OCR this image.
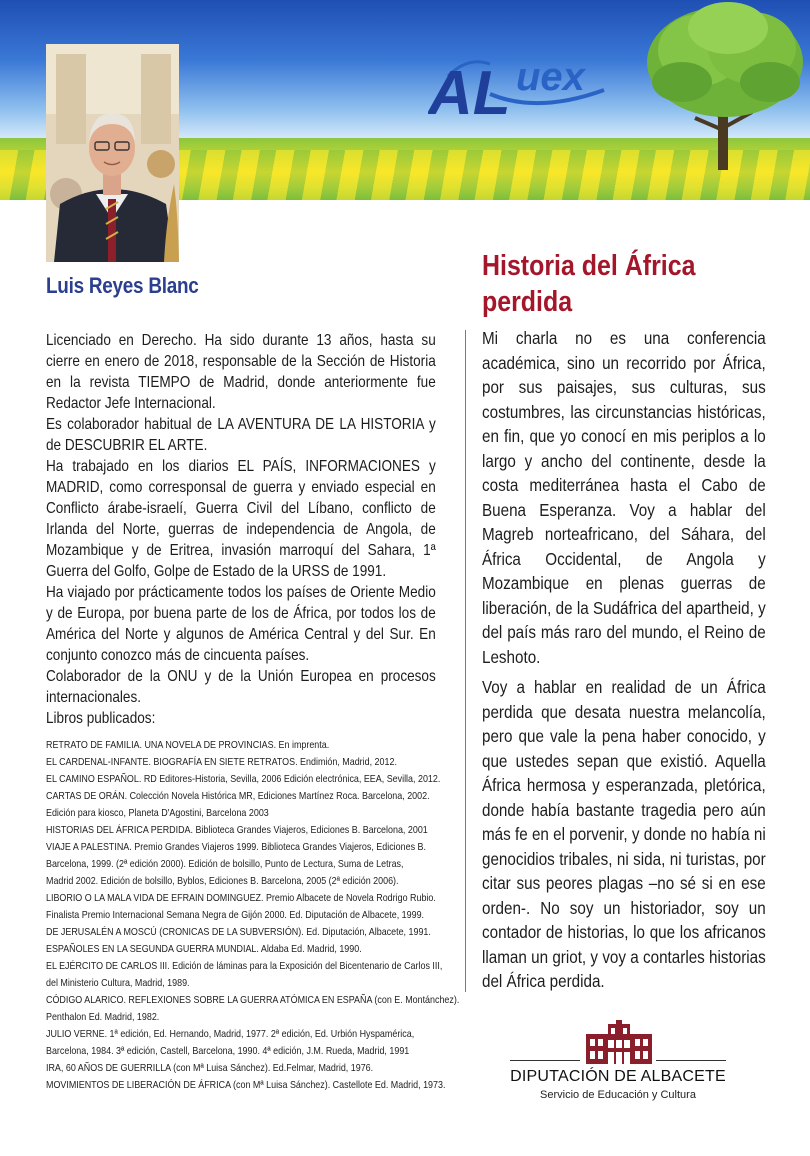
AL uex
Luis Reyes Blanc
Historia del África perdida

Licenciado en Derecho. Ha sido durante 13 años, hasta su cierre en enero de 2018, responsable de la Sección de Historia en la revista TIEMPO de Madrid, donde anteriormente fue Redactor Jefe Internacional.

Es colaborador habitual de LA AVENTURA DE LA HISTORIA y de DESCUBRIR EL ARTE.

Ha trabajado en los diarios EL PAÍS, INFORMACIONES y MADRID, como corresponsal de guerra y enviado especial en Conflicto árabe-israelí, Guerra Civil del Líbano, conflicto de Irlanda del Norte, guerras de independencia de Angola, de Mozambique y de Eritrea, invasión marroquí del Sahara, 1ª Guerra del Golfo, Golpe de Estado de la URSS de 1991.

Ha viajado por prácticamente todos los países de Oriente Medio y de Europa, por buena parte de los de África, por todos los de América del Norte y algunos de América Central y del Sur. En conjunto conozco más de cincuenta países.

Colaborador de la ONU y de la Unión Europea en procesos internacionales.

Libros publicados:

RETRATO DE FAMILIA. UNA NOVELA DE PROVINCIAS. En imprenta.

EL CARDENAL-INFANTE. BIOGRAFÍA EN SIETE RETRATOS. Endimión, Madrid, 2012.

EL CAMINO ESPAÑOL. RD Editores-Historia, Sevilla, 2006 Edición electrónica, EEA, Sevilla, 2012.

CARTAS DE ORÁN. Colección Novela Histórica MR, Ediciones Martínez Roca. Barcelona, 2002.

Edición para kiosco, Planeta D'Agostini, Barcelona 2003

HISTORIAS DEL ÁFRICA PERDIDA. Biblioteca Grandes Viajeros, Ediciones B. Barcelona, 2001

VIAJE A PALESTINA. Premio Grandes Viajeros 1999. Biblioteca Grandes Viajeros, Ediciones B.

Barcelona, 1999. (2ª edición 2000). Edición de bolsillo, Punto de Lectura, Suma de Letras,

Madrid 2002. Edición de bolsillo, Byblos, Ediciones B. Barcelona, 2005 (2ª edición 2006).

LIBORIO O LA MALA VIDA DE EFRAIN DOMINGUEZ. Premio Albacete de Novela Rodrigo Rubio.

Finalista Premio Internacional Semana Negra de Gijón 2000. Ed. Diputación de Albacete, 1999.

DE JERUSALÉN A MOSCÚ (CRONICAS DE LA SUBVERSIÓN). Ed. Diputación, Albacete, 1991.

ESPAÑOLES EN LA SEGUNDA GUERRA MUNDIAL. Aldaba Ed. Madrid, 1990.

EL EJÉRCITO DE CARLOS III. Edición de láminas para la Exposición del Bicentenario de Carlos III,

del Ministerio Cultura, Madrid, 1989.

CÓDIGO ALARICO. REFLEXIONES SOBRE LA GUERRA ATÓMICA EN ESPAÑA (con E. Montánchez).

Penthalon Ed. Madrid, 1982.

JULIO VERNE. 1ª edición, Ed. Hernando, Madrid, 1977. 2ª edición, Ed. Urbión Hyspamérica,

Barcelona, 1984. 3ª edición, Castell, Barcelona, 1990. 4ª edición, J.M. Rueda, Madrid, 1991

IRA, 60 AÑOS DE GUERRILLA (con Mª Luisa Sánchez). Ed.Felmar, Madrid, 1976.

MOVIMIENTOS DE LIBERACIÓN DE ÁFRICA (con Mª Luisa Sánchez). Castellote Ed. Madrid, 1973.

Mi charla no es una conferencia académica, sino un recorrido por África, por sus paisajes, sus culturas, sus costumbres, las circunstancias históricas, en fin, que yo conocí en mis periplos a lo largo y ancho del continente, desde la costa mediterránea hasta el Cabo de Buena Esperanza. Voy a hablar del Magreb norteafricano, del Sáhara, del África Occidental, de Angola y Mozambique en plenas guerras de liberación, de la Sudáfrica del apartheid, y del país más raro del mundo, el Reino de Leshoto.

Voy a hablar en realidad de un África perdida que desata nuestra melancolía, pero que vale la pena haber conocido, y que ustedes sepan que existió. Aquella África hermosa y esperanzada, pletórica, donde había bastante tragedia pero aún más fe en el porvenir, y donde no había ni genocidios tribales, ni sida, ni turistas, por citar sus peores plagas –no sé si en ese orden-. No soy un historiador, soy un contador de historias, lo que los africanos llaman un griot, y voy a contarles historias del África perdida.

DIPUTACIÓN DE ALBACETE
Servicio de Educación y Cultura
